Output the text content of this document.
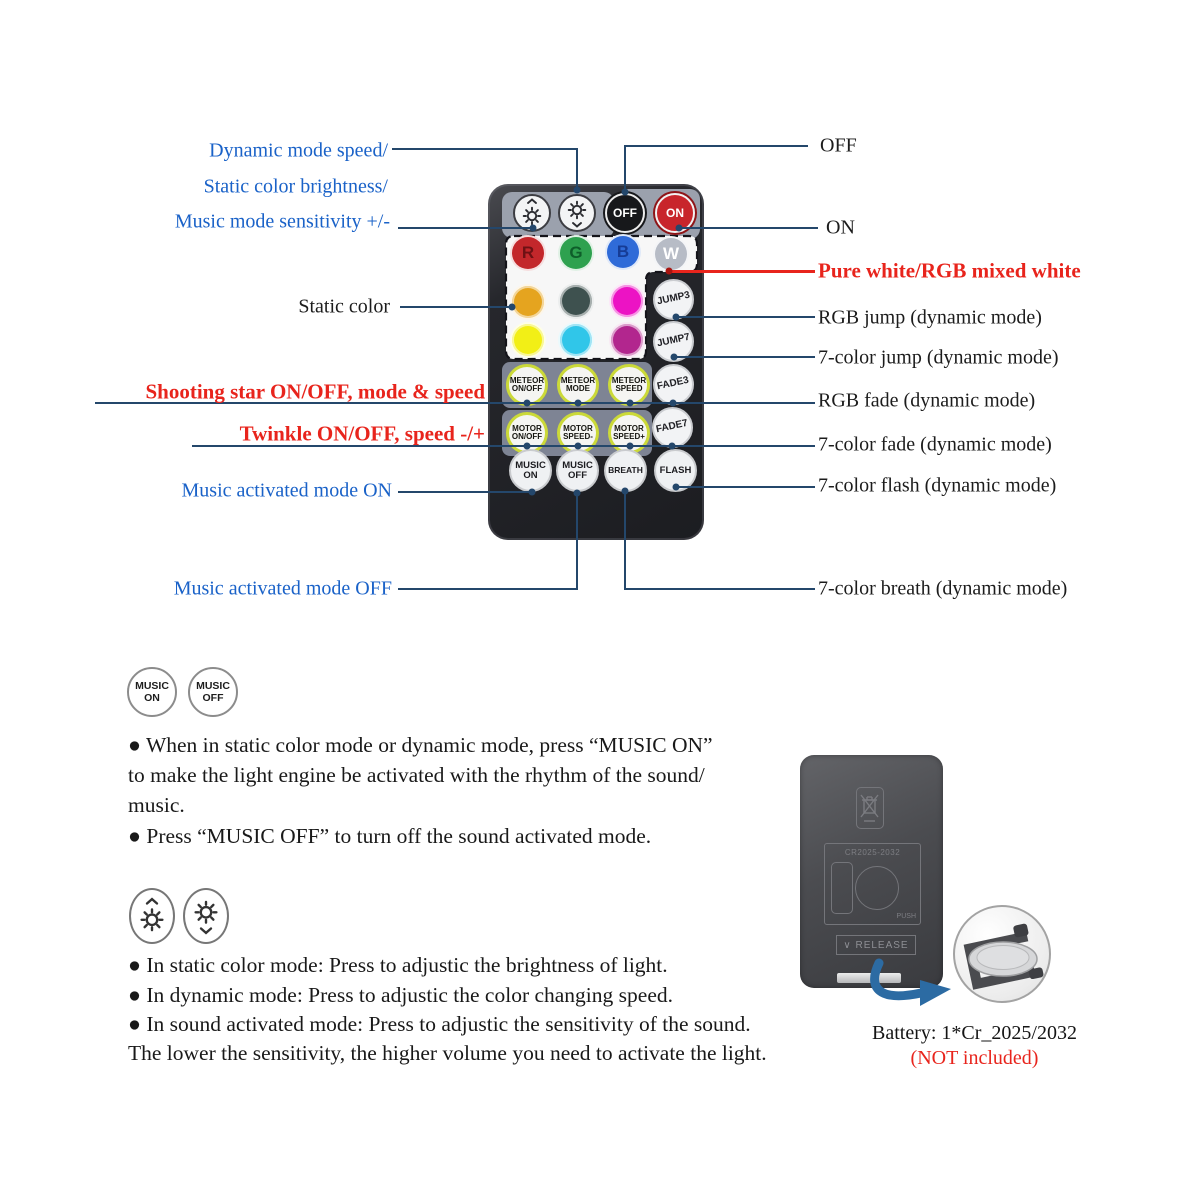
Dynamic mode speed/
Static color brightness/
Music mode sensitivity +/-
Static color
Shooting star ON/OFF, mode & speed
Twinkle ON/OFF, speed -/+
Music activated mode ON
Music activated mode OFF
OFF
ON
Pure white/RGB mixed white
RGB jump (dynamic mode)
7-color jump (dynamic mode)
RGB fade (dynamic mode)
7-color fade (dynamic mode)
7-color flash (dynamic mode)
7-color breath (dynamic mode)
OFF ON
R G B W
METEOR
ON/OFF
METEOR
MODE
METEOR
SPEED
MOTOR
ON/OFF
MOTOR
SPEED-
MOTOR
SPEED+
MUSIC
ON
MUSIC
OFF BREATH FLASH
JUMP3
JUMP7
FADE3
FADE7
MUSIC
ON
MUSIC
OFF
● When in static color mode or dynamic mode, press “MUSIC ON”
to make the light engine be activated with the rhythm of the sound/
music.
● Press “MUSIC OFF” to turn off the sound activated mode.
● In static color mode: Press to adjustic the brightness of light.
● In dynamic mode: Press to adjustic the color changing speed.
● In sound activated mode: Press to adjustic the sensitivity of the sound.
The lower the sensitivity, the higher volume you need to activate the light.
CR2025-2032
PUSH
∨ RELEASE
Battery: 1*Cr_2025/2032
(NOT included)
